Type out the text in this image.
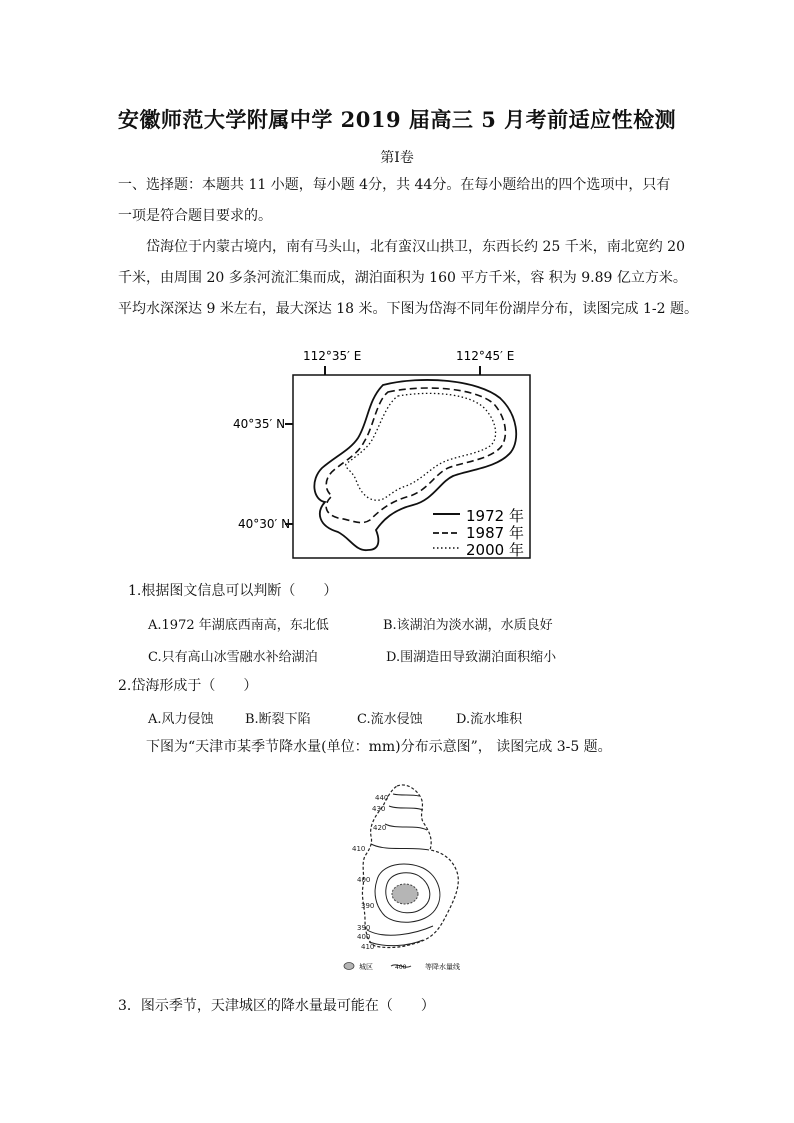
安徽师范大学附属中学 2019 届高三 5 月考前适应性检测
第Ⅰ卷
一、选择题：本题共 11 小题，每小题 4分，共 44分。在每小题给出的四个选项中，只有
一项是符合题目要求的。
岱海位于内蒙古境内，南有马头山，北有蛮汉山拱卫，东西长约 25 千米，南北宽约 20
千米，由周围 20 多条河流汇集而成，湖泊面积为 160 平方千米，容 积为 9.89 亿立方米。
平均水深深达 9 米左右，最大深达 18 米。下图为岱海不同年份湖岸分布，读图完成 1-2 题。
112°35′ E	112°45′ E
40°35′ N
40°30′ N	1972 年
1987 年
2000 年
1.根据图文信息可以判断（　　）
A.1972 年湖底西南高，东北低	B.该湖泊为淡水湖，水质良好
C.只有高山冰雪融水补给湖泊	D.围湖造田导致湖泊面积缩小
2.岱海形成于（　　）
A.风力侵蚀 B.断裂下陷	C.流水侵蚀	D.流水堆积
下图为“天津市某季节降水量(单位：mm)分布示意图”， 读图完成 3-5 题。
440
430
420
410
400
390
390
400
410
城区	400	等降水量线
3．图示季节，天津城区的降水量最可能在（　　）
